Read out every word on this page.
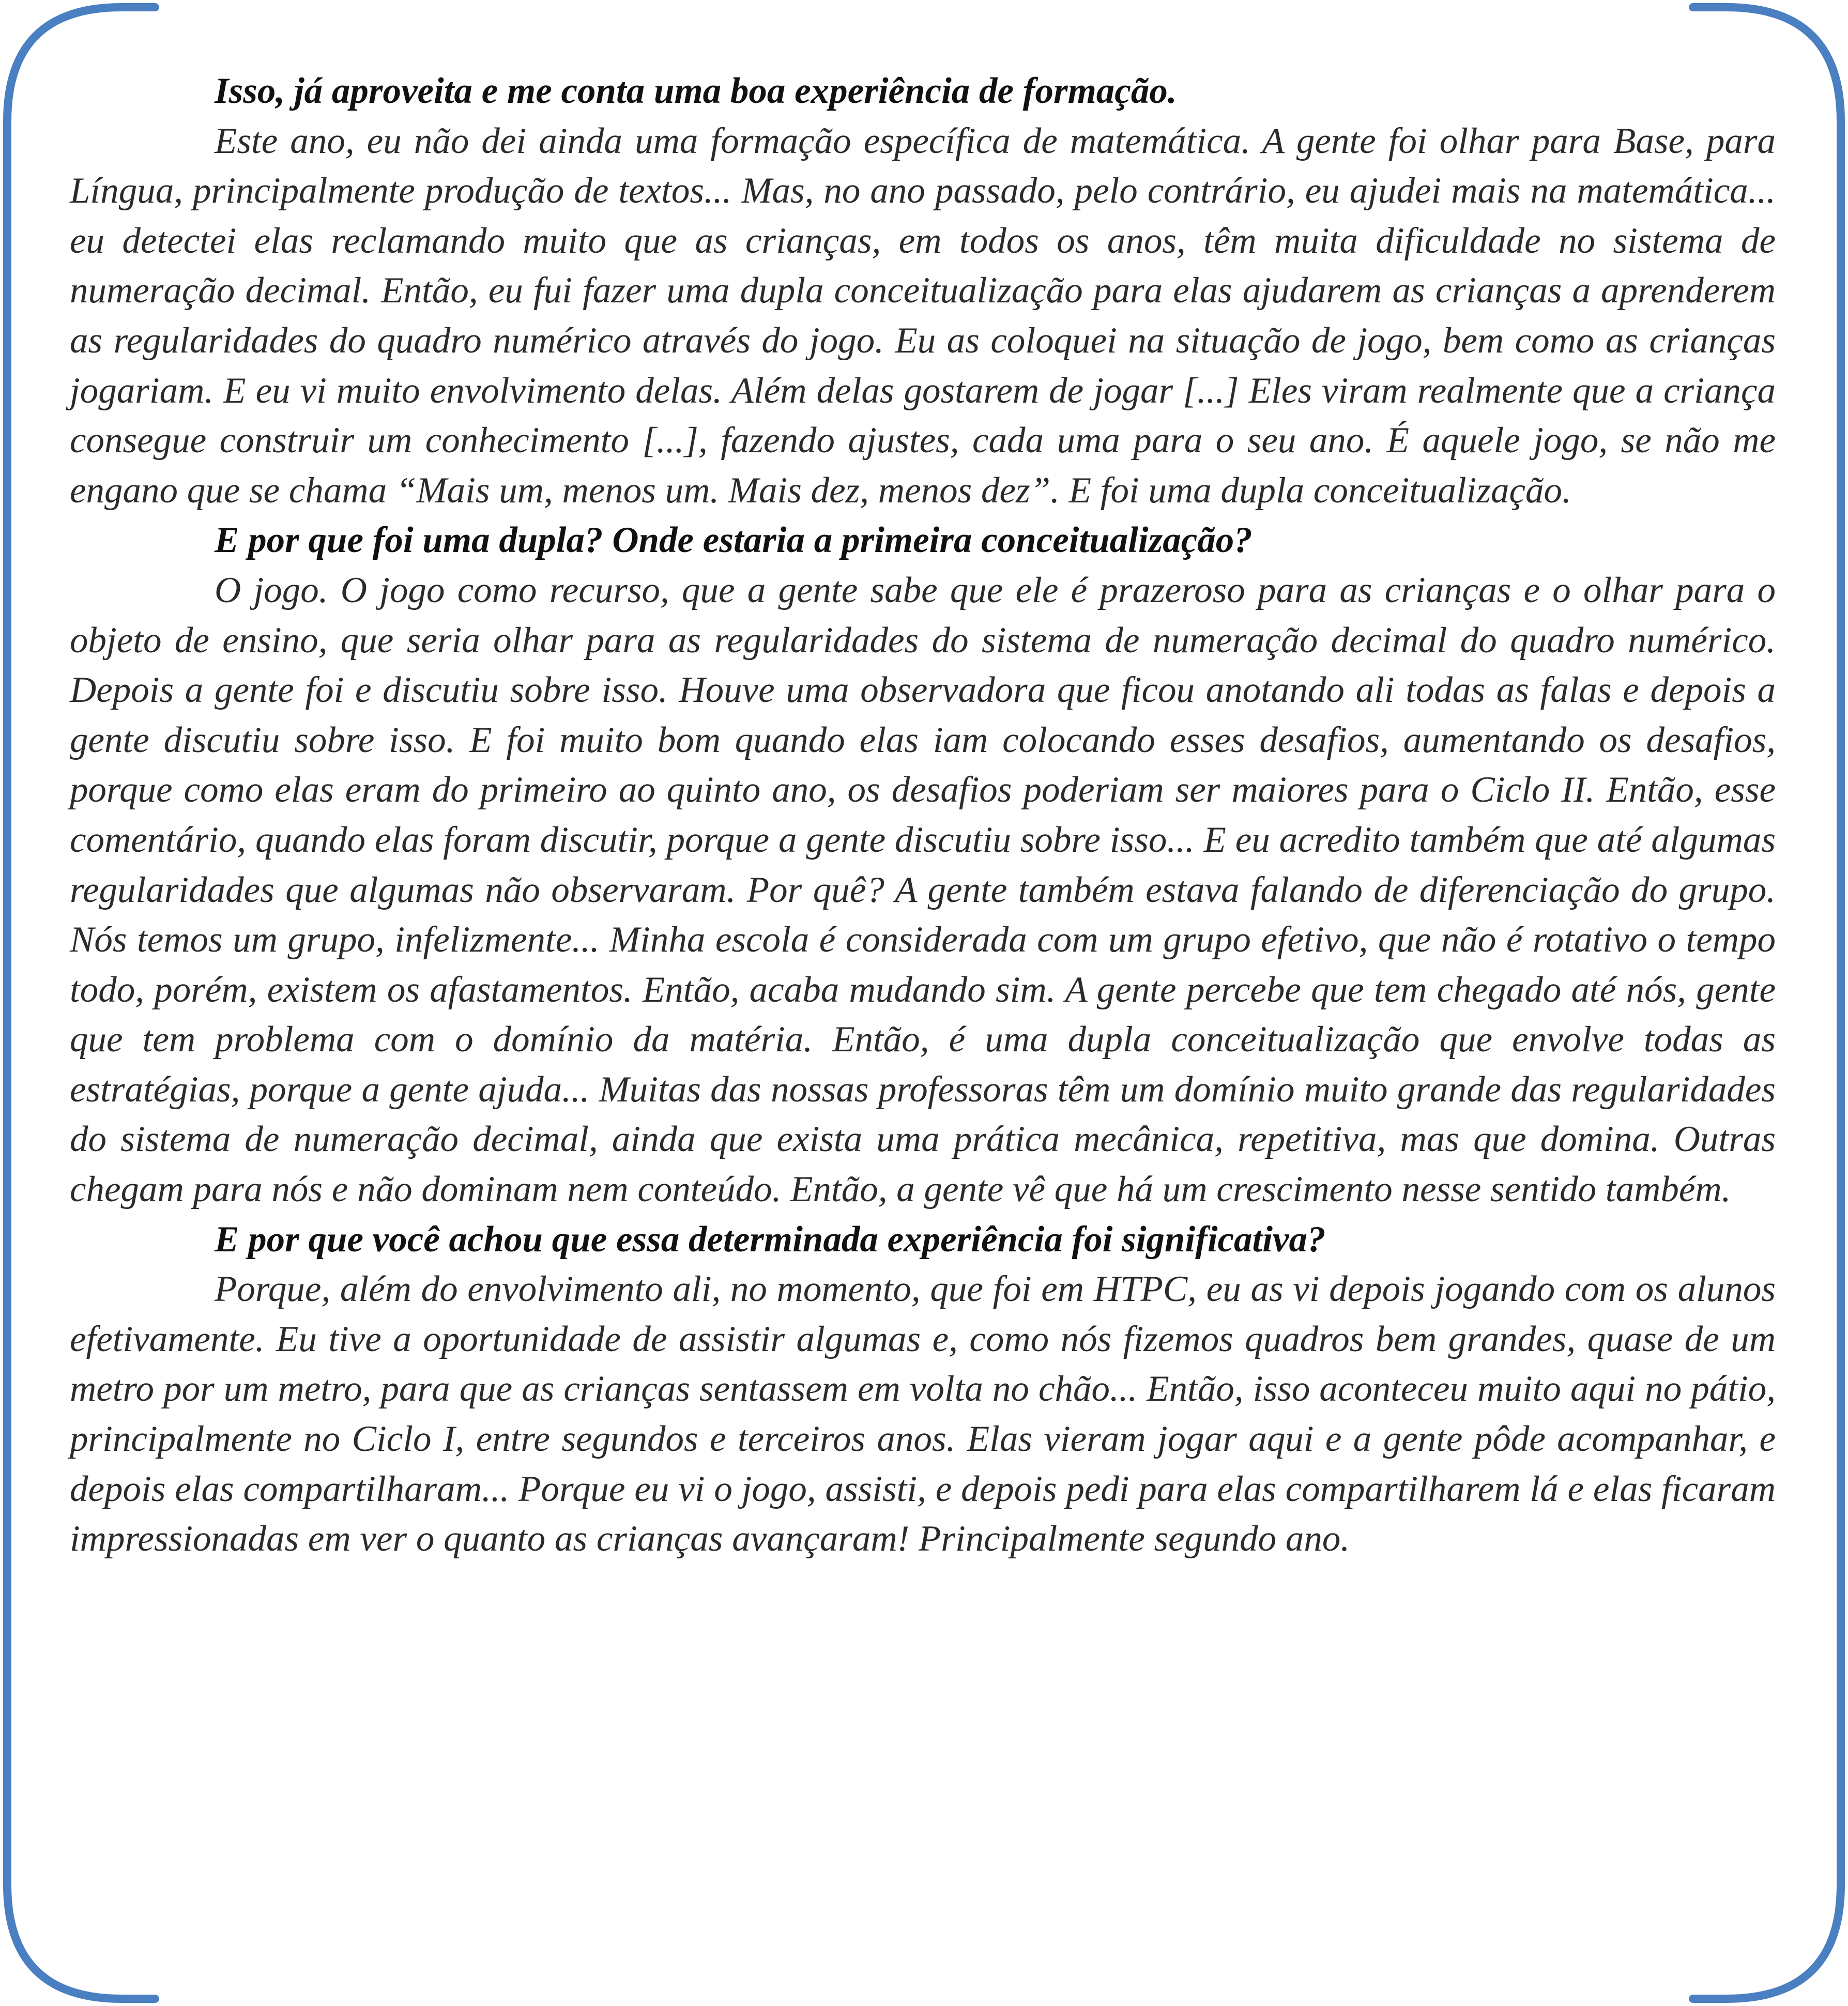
Isso, já aproveita e me conta uma boa experiência de formação.

Este ano, eu não dei ainda uma formação específica de matemática. A gente foi olhar para Base, para Língua, principalmente produção de textos... Mas, no ano passado, pelo contrário, eu ajudei mais na matemática... eu detectei elas reclamando muito que as crianças, em todos os anos, têm muita dificuldade no sistema de numeração decimal. Então, eu fui fazer uma dupla conceitualização para elas ajudarem as crianças a aprenderem as regularidades do quadro numérico através do jogo. Eu as coloquei na situação de jogo, bem como as crianças jogariam. E eu vi muito envolvimento delas. Além delas gostarem de jogar [...] Eles viram realmente que a criança consegue construir um conhecimento [...], fazendo ajustes, cada uma para o seu ano. É aquele jogo, se não me engano que se chama “Mais um, menos um. Mais dez, menos dez”. E foi uma dupla conceitualização.

E por que foi uma dupla? Onde estaria a primeira conceitualização?

O jogo. O jogo como recurso, que a gente sabe que ele é prazeroso para as crianças e o olhar para o objeto de ensino, que seria olhar para as regularidades do sistema de numeração decimal do quadro numérico. Depois a gente foi e discutiu sobre isso. Houve uma observadora que ficou anotando ali todas as falas e depois a gente discutiu sobre isso. E foi muito bom quando elas iam colocando esses desafios, aumentando os desafios, porque como elas eram do primeiro ao quinto ano, os desafios poderiam ser maiores para o Ciclo II. Então, esse comentário, quando elas foram discutir, porque a gente discutiu sobre isso... E eu acredito também que até algumas regularidades que algumas não observaram. Por quê? A gente também estava falando de diferenciação do grupo. Nós temos um grupo, infelizmente... Minha escola é considerada com um grupo efetivo, que não é rotativo o tempo todo, porém, existem os afastamentos. Então, acaba mudando sim. A gente percebe que tem chegado até nós, gente que tem problema com o domínio da matéria. Então, é uma dupla conceitualização que envolve todas as estratégias, porque a gente ajuda... Muitas das nossas professoras têm um domínio muito grande das regularidades do sistema de numeração decimal, ainda que exista uma prática mecânica, repetitiva, mas que domina. Outras chegam para nós e não dominam nem conteúdo. Então, a gente vê que há um crescimento nesse sentido também.

E por que você achou que essa determinada experiência foi significativa?

Porque, além do envolvimento ali, no momento, que foi em HTPC, eu as vi depois jogando com os alunos efetivamente. Eu tive a oportunidade de assistir algumas e, como nós fizemos quadros bem grandes, quase de um metro por um metro, para que as crianças sentassem em volta no chão... Então, isso aconteceu muito aqui no pátio, principalmente no Ciclo I, entre segundos e terceiros anos. Elas vieram jogar aqui e a gente pôde acompanhar, e depois elas compartilharam... Porque eu vi o jogo, assisti, e depois pedi para elas compartilharem lá e elas ficaram impressionadas em ver o quanto as crianças avançaram! Principalmente segundo ano.
